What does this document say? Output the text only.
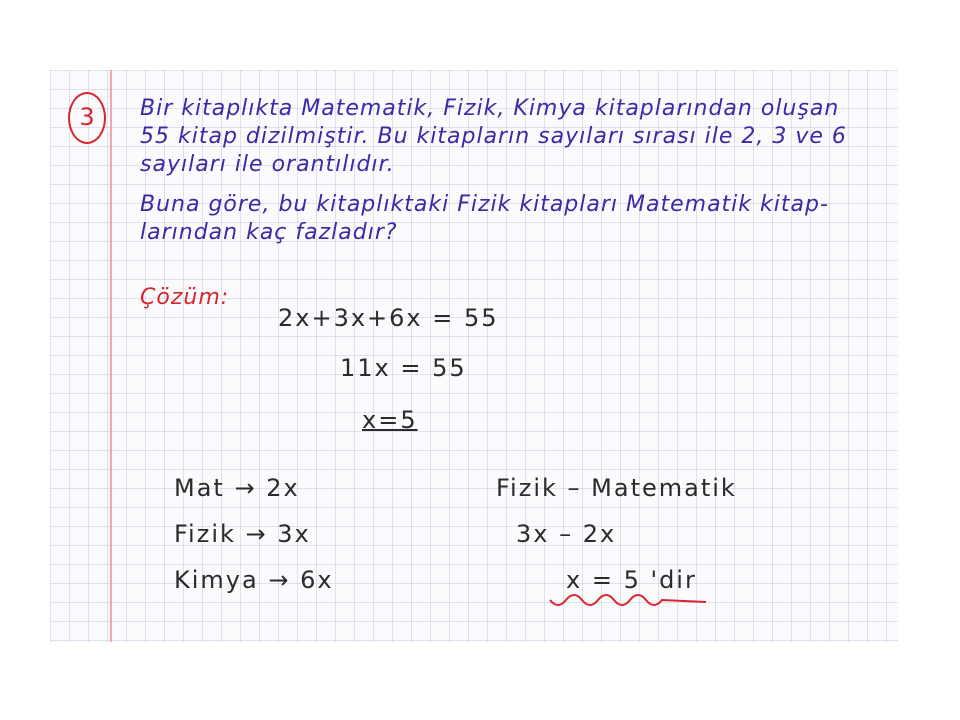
3	Bir kitaplıkta Matematik, Fizik, Kimya kitaplarından oluşan
55 kitap dizilmiştir. Bu kitapların sayıları sırası ile 2, 3 ve 6
sayıları ile orantılıdır.
Buna göre, bu kitaplıktaki Fizik kitapları Matematik kitap-
larından kaç fazladır?
Çözüm:
2x+3x+6x = 55
11x = 55
x=5
Mat → 2x
Fizik → 3x
Kimya → 6x
Fizik – Matematik
3x – 2x
x = 5 'dir
